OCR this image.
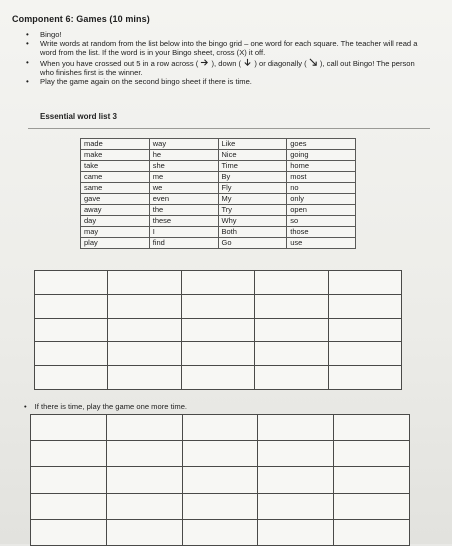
Component 6: Games (10 mins)
• Bingo!
• Write words at random from the list below into the bingo grid – one word for each square. The teacher will read a word from the list. If the word is in your Bingo sheet, cross (X) it off.
• When you have crossed out 5 in a row across ( ), down ( ) or diagonally ( ), call out Bingo! The person who finishes first is the winner.
• Play the game again on the second bingo sheet if there is time.
Essential word list 3
made	way	Like	goes
make	he	Nice	going
take	she	Time	home
came	me	By	most
same	we	Fly	no
gave	even	My	only
away	the	Try	open
day	these	Why	so
may	I	Both	those
play	find	Go	use

• If there is time, play the game one more time.
